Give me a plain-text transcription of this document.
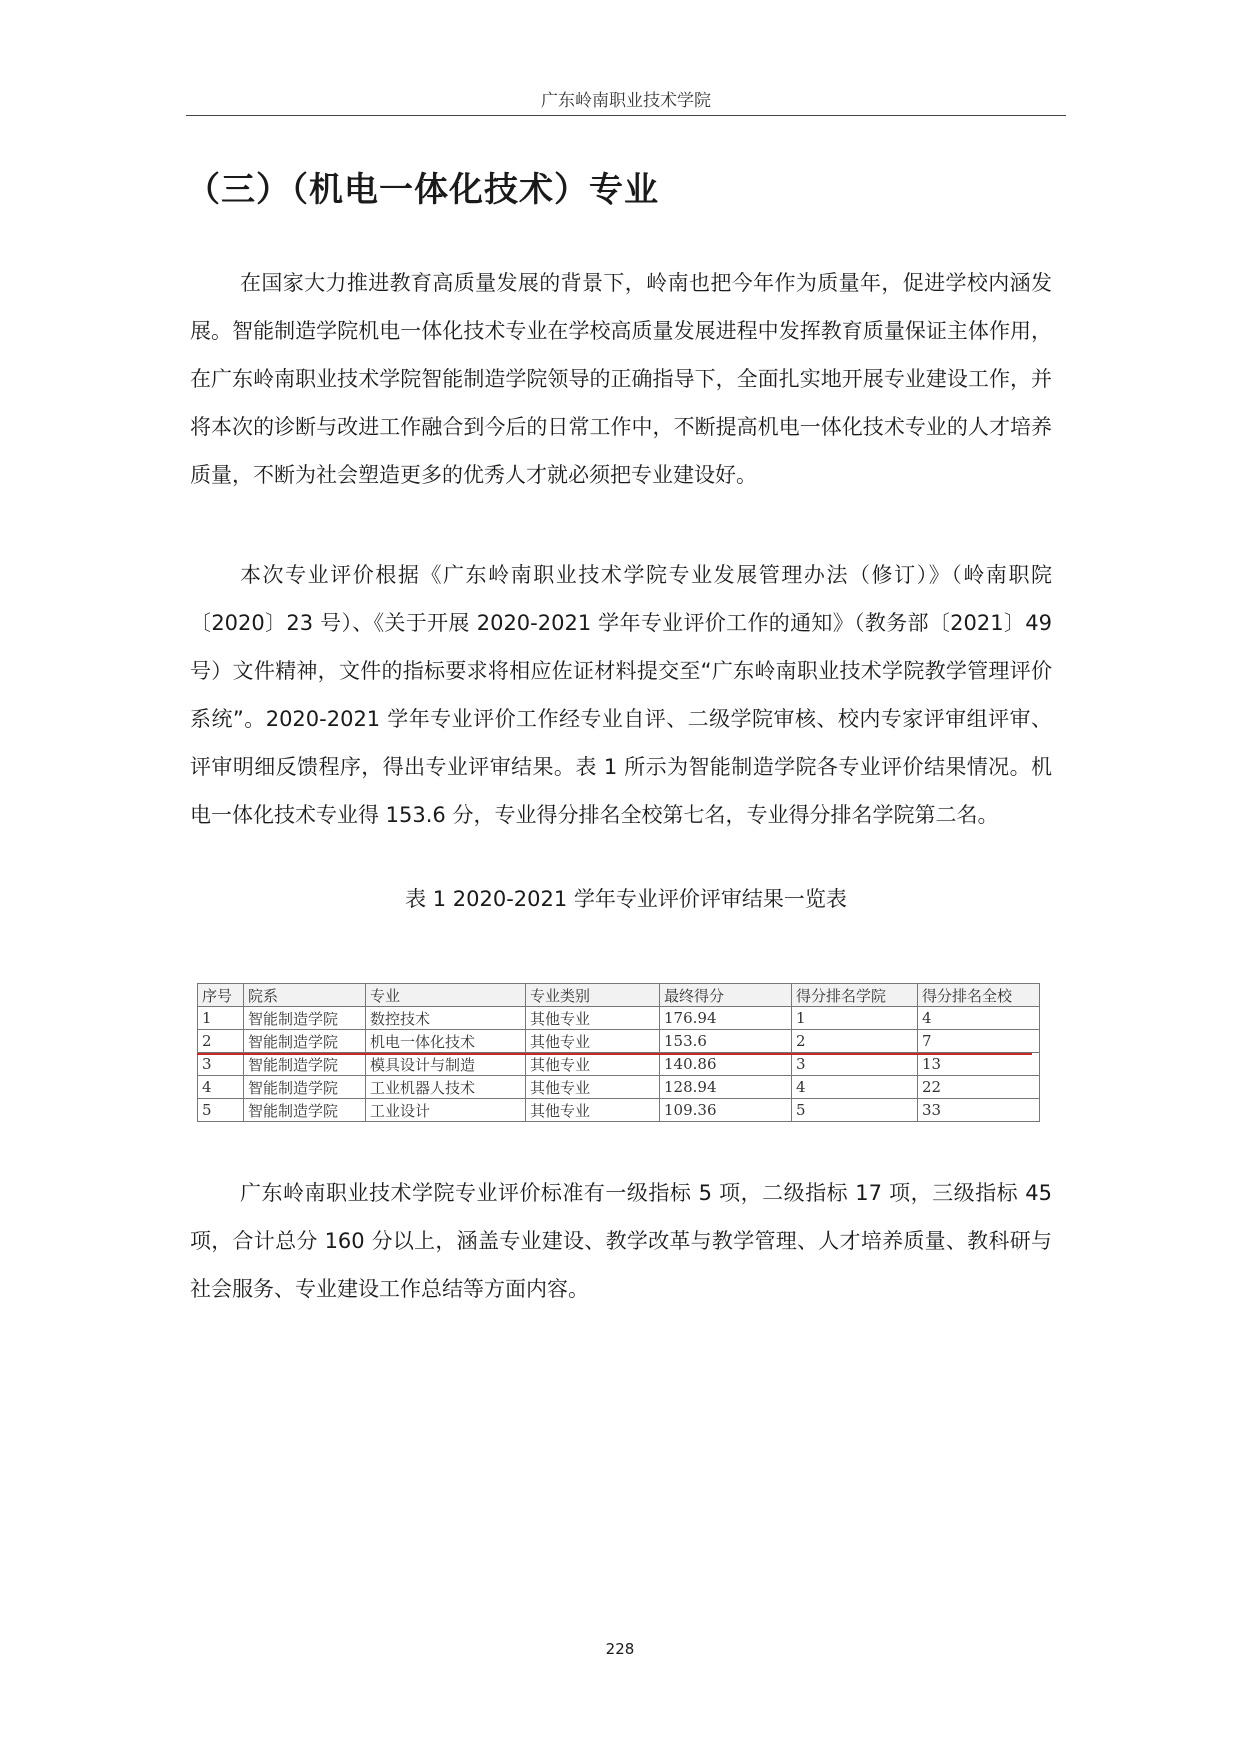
广东岭南职业技术学院
（三）（机电一体化技术）专业

在国家大力推进教育高质量发展的背景下，岭南也把今年作为质量年，促进学校内涵发展。智能制造学院机电一体化技术专业在学校高质量发展进程中发挥教育质量保证主体作用，在广东岭南职业技术学院智能制造学院领导的正确指导下，全面扎实地开展专业建设工作，并将本次的诊断与改进工作融合到今后的日常工作中，不断提高机电一体化技术专业的人才培养质量，不断为社会塑造更多的优秀人才就必须把专业建设好。

本次专业评价根据《广东岭南职业技术学院专业发展管理办法（修订）》（岭南职院〔2020〕23 号）、《关于开展 2020-2021 学年专业评价工作的通知》（教务部〔2021〕49 号）文件精神，文件的指标要求将相应佐证材料提交至“广东岭南职业技术学院教学管理评价系统”。2020-2021 学年专业评价工作经专业自评、二级学院审核、校内专家评审组评审、评审明细反馈程序，得出专业评审结果。表 1 所示为智能制造学院各专业评价结果情况。机电一体化技术专业得 153.6 分，专业得分排名全校第七名，专业得分排名学院第二名。

表 1 2020-2021 学年专业评价评审结果一览表
序号	院系	专业	专业类别	最终得分	得分排名学院	得分排名全校
1	智能制造学院	数控技术	其他专业	176.94	1	4
2	智能制造学院	机电一体化技术	其他专业	153.6	2	7
3	智能制造学院	模具设计与制造	其他专业	140.86	3	13
4	智能制造学院	工业机器人技术	其他专业	128.94	4	22
5	智能制造学院	工业设计	其他专业	109.36	5	33

广东岭南职业技术学院专业评价标准有一级指标 5 项，二级指标 17 项，三级指标 45 项，合计总分 160 分以上，涵盖专业建设、教学改革与教学管理、人才培养质量、教科研与社会服务、专业建设工作总结等方面内容。

228
